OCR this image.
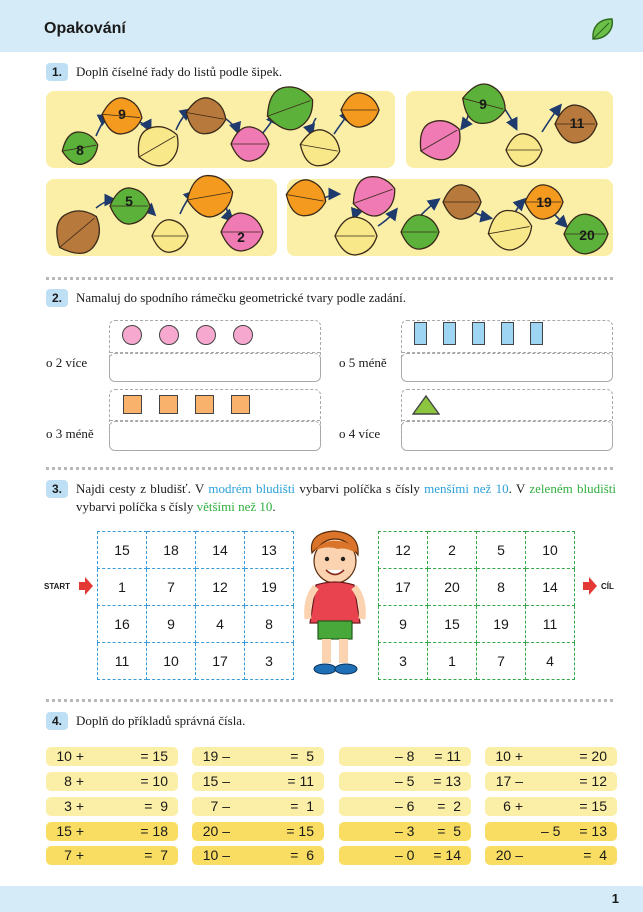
Opakování
1.	Doplň číselné řady do listů podle šipek.
8
9
9
11
5
2
19
20
2.	Namaluj do spodního rámečku geometrické tvary podle zadání.
o 2 více	o 5 méně
o 3 méně	o 4 více
3.	Najdi cesty z bludišť. V modrém bludišti vybarvi políčka s čísly menšími než 10. V zeleném bludišti vybarvi políčka s čísly většími než 10.
START
15	18	14	13
1	7	12	19
16	9	4	8
11	10	17	3
12	2	5	10
17	20	8	14
9	15	19	11
3	1	7	4
CÍL
4.	Doplň do příkladů správná čísla.
10 +	= 15
8 +	= 10
3 +	=  9
15 +	= 18
7 +	=  7
19 –	=  5
15 –	= 11
7 –	=  1
20 –	= 15
10 –	=  6
– 8 = 11
– 5 = 13
– 6 =  2
– 3 =  5
– 0 = 14
10 +	= 20
17 –	= 12
6 +	= 15
– 5 = 13
20 –	=  4
1
